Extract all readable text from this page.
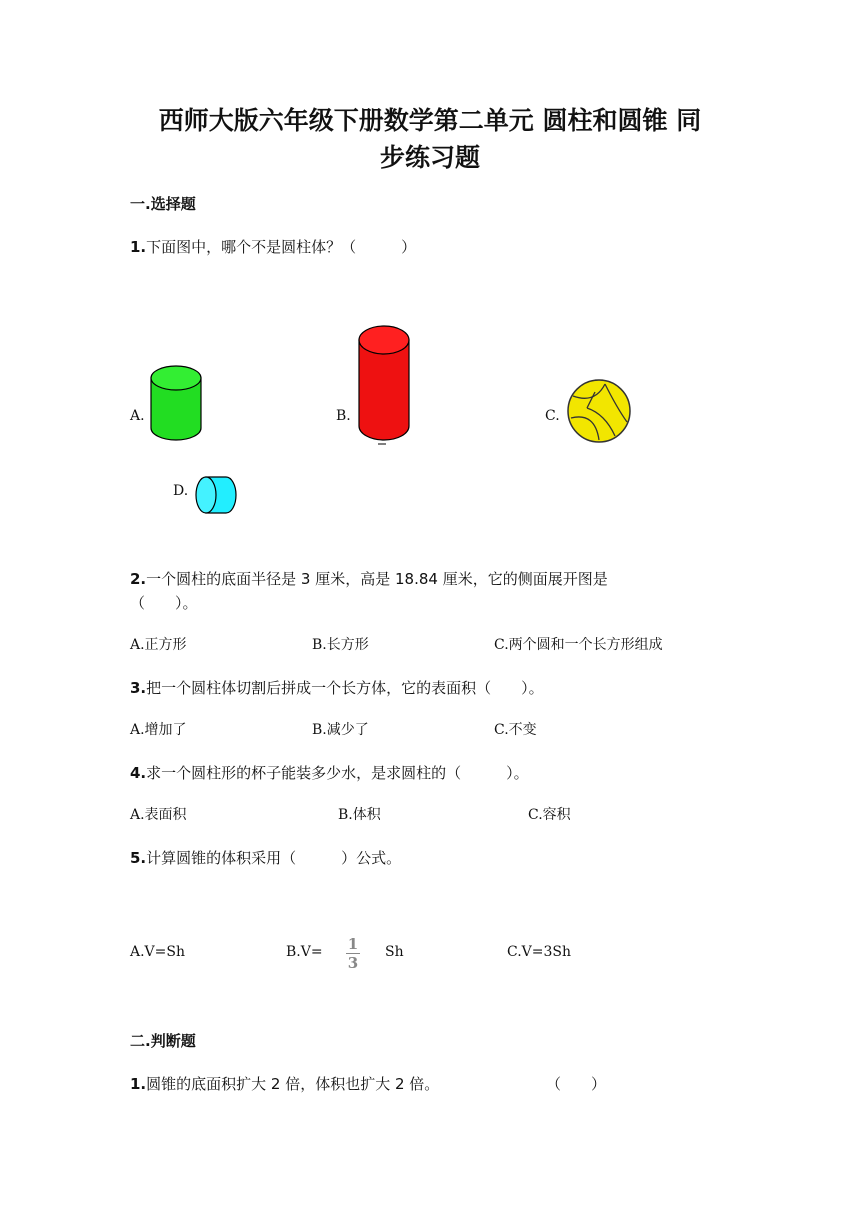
西师大版六年级下册数学第二单元 圆柱和圆锥 同
步练习题
一.选择题
1.下面图中，哪个不是圆柱体？（　　　）
A.	B.	C.
D.
2.一个圆柱的底面半径是 3 厘米，高是 18.84 厘米，它的侧面展开图是
（　　）。
A.正方形	B.长方形	C.两个圆和一个长方形组成
3.把一个圆柱体切割后拼成一个长方体，它的表面积（　　）。
A.增加了	B.减少了	C.不变
4.求一个圆柱形的杯子能装多少水，是求圆柱的（　　　）。
A.表面积	B.体积	C.容积
5.计算圆锥的体积采用（　　　）公式。
A.V=Sh	B.V= 1
3
Sh	C.V=3Sh
二.判断题
1.圆锥的底面积扩大 2 倍，体积也扩大 2 倍。	（　　）
